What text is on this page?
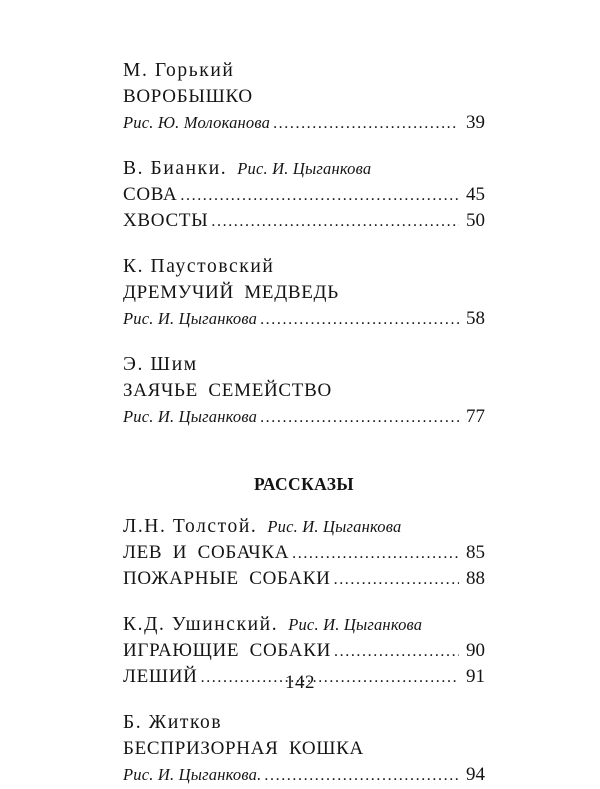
М. Горький
ВОРОБЫШКО
Рис. Ю. Молоканова . . .	39
В. Бианки. Рис. И. Цыганкова
СОВА . . .	45
ХВОСТЫ . . .	50
К. Паустовский
ДРЕМУЧИЙ МЕДВЕДЬ
Рис. И. Цыганкова . . .	58
Э. Шим
ЗАЯЧЬЕ СЕМЕЙСТВО
Рис. И. Цыганкова . . .	77
РАССКАЗЫ
Л.Н. Толстой. Рис. И. Цыганкова
ЛЕВ И СОБАЧКА . . .	85
ПОЖАРНЫЕ СОБАКИ . . .	88
К.Д. Ушинский. Рис. И. Цыганкова
ИГРАЮЩИЕ СОБАКИ . . .	90
ЛЕШИЙ . . .	91
Б. Житков
БЕСПРИЗОРНАЯ КОШКА
Рис. И. Цыганкова. . . .	94
142
